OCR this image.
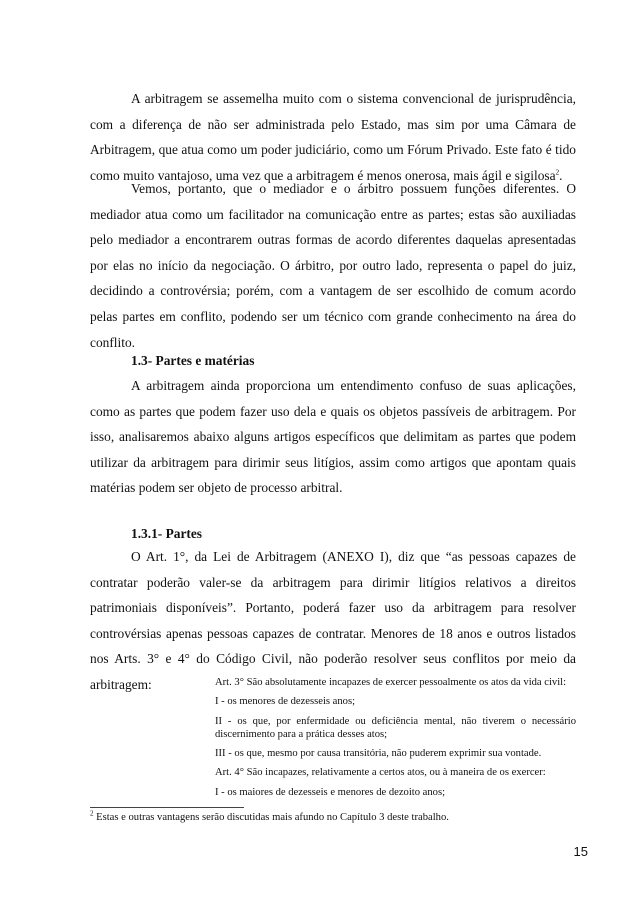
A arbitragem se assemelha muito com o sistema convencional de jurisprudência, com a diferença de não ser administrada pelo Estado, mas sim por uma Câmara de Arbitragem, que atua como um poder judiciário, como um Fórum Privado. Este fato é tido como muito vantajoso, uma vez que a arbitragem é menos onerosa, mais ágil e sigilosa$^2$.

Vemos, portanto, que o mediador e o árbitro possuem funções diferentes. O mediador atua como um facilitador na comunicação entre as partes; estas são auxiliadas pelo mediador a encontrarem outras formas de acordo diferentes daquelas apresentadas por elas no início da negociação. O árbitro, por outro lado, representa o papel do juiz, decidindo a controvérsia; porém, com a vantagem de ser escolhido de comum acordo pelas partes em conflito, podendo ser um técnico com grande conhecimento na área do conflito.

1.3- Partes e matérias

A arbitragem ainda proporciona um entendimento confuso de suas aplicações, como as partes que podem fazer uso dela e quais os objetos passíveis de arbitragem. Por isso, analisaremos abaixo alguns artigos específicos que delimitam as partes que podem utilizar da arbitragem para dirimir seus litígios, assim como artigos que apontam quais matérias podem ser objeto de processo arbitral.

1.3.1- Partes

O Art. 1°, da Lei de Arbitragem (ANEXO I), diz que “as pessoas capazes de contratar poderão valer-se da arbitragem para dirimir litígios relativos a direitos patrimoniais disponíveis”. Portanto, poderá fazer uso da arbitragem para resolver controvérsias apenas pessoas capazes de contratar. Menores de 18 anos e outros listados nos Arts. 3° e 4° do Código Civil, não poderão resolver seus conflitos por meio da arbitragem:	Art. 3° São absolutamente incapazes de exercer pessoalmente os atos da vida civil:

I - os menores de dezesseis anos;

II - os que, por enfermidade ou deficiência mental, não tiverem o necessário discernimento para a prática desses atos;

III - os que, mesmo por causa transitória, não puderem exprimir sua vontade.

Art. 4° São incapazes, relativamente a certos atos, ou à maneira de os exercer:

I - os maiores de dezesseis e menores de dezoito anos;

$^2$ Estas e outras vantagens serão discutidas mais afundo no Capítulo 3 deste trabalho.

15
